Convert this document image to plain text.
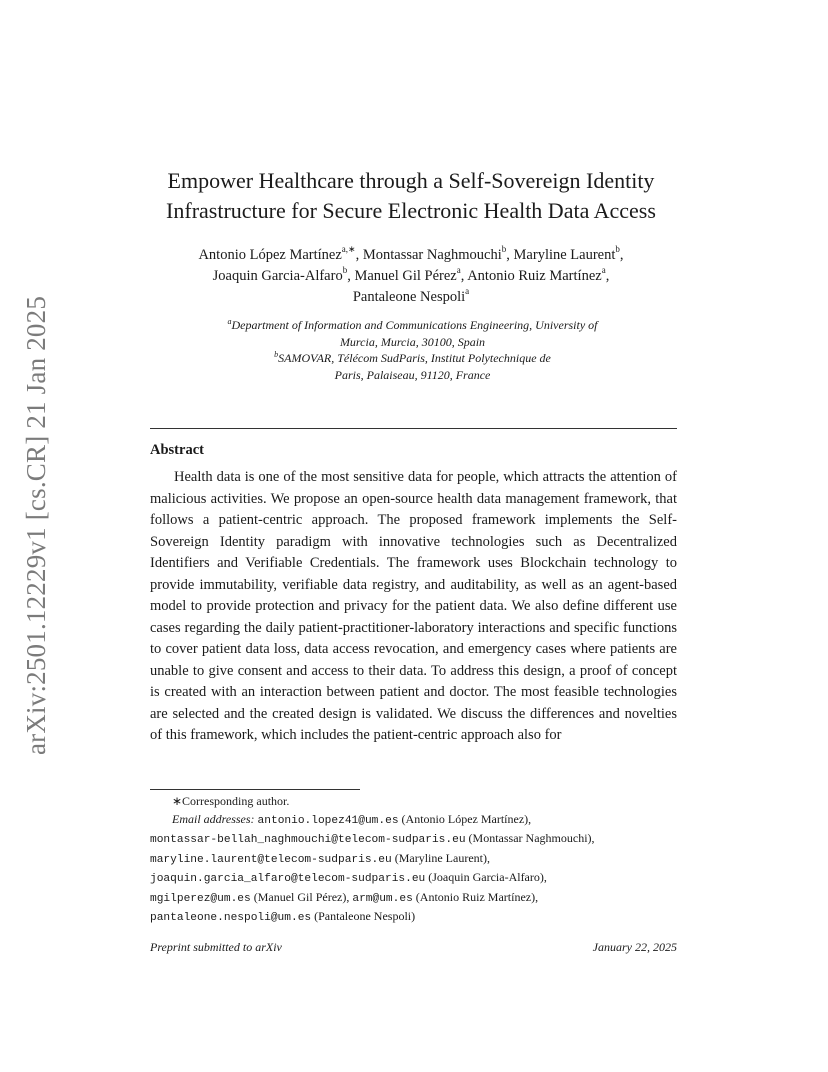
arXiv:2501.12229v1 [cs.CR] 21 Jan 2025
Empower Healthcare through a Self-Sovereign Identity
Infrastructure for Secure Electronic Health Data Access
Antonio López Martínez$^{a,∗}$, Montassar Naghmouchi$^b$, Maryline Laurent$^b$,
Joaquin Garcia-Alfaro$^b$, Manuel Gil Pérez$^a$, Antonio Ruiz Martínez$^a$,
Pantaleone Nespoli$^a$
$^a$Department of Information and Communications Engineering, University of
Murcia, Murcia, 30100, Spain
$^b$SAMOVAR, Télécom SudParis, Institut Polytechnique de
Paris, Palaiseau, 91120, France
Abstract
Health data is one of the most sensitive data for people, which attracts the attention of malicious activities. We propose an open-source health data management framework, that follows a patient-centric approach. The proposed framework implements the Self-Sovereign Identity paradigm with innovative technologies such as Decentralized Identifiers and Verifiable Credentials. The framework uses Blockchain technology to provide immutability, verifiable data registry, and auditability, as well as an agent-based model to provide protection and privacy for the patient data. We also define different use cases regarding the daily patient-practitioner-laboratory interactions and specific functions to cover patient data loss, data access revocation, and emergency cases where patients are unable to give consent and access to their data. To address this design, a proof of concept is created with an interaction between patient and doctor. The most feasible technologies are selected and the created design is validated. We discuss the differences and novelties of this framework, which includes the patient-centric approach also for
∗Corresponding author.
Email addresses: antonio.lopez41@um.es (Antonio López Martínez),
montassar-bellah_naghmouchi@telecom-sudparis.eu (Montassar Naghmouchi),
maryline.laurent@telecom-sudparis.eu (Maryline Laurent),
joaquin.garcia_alfaro@telecom-sudparis.eu (Joaquin Garcia-Alfaro),
mgilperez@um.es (Manuel Gil Pérez), arm@um.es (Antonio Ruiz Martínez),
pantaleone.nespoli@um.es (Pantaleone Nespoli)
Preprint submitted to arXiv	January 22, 2025
